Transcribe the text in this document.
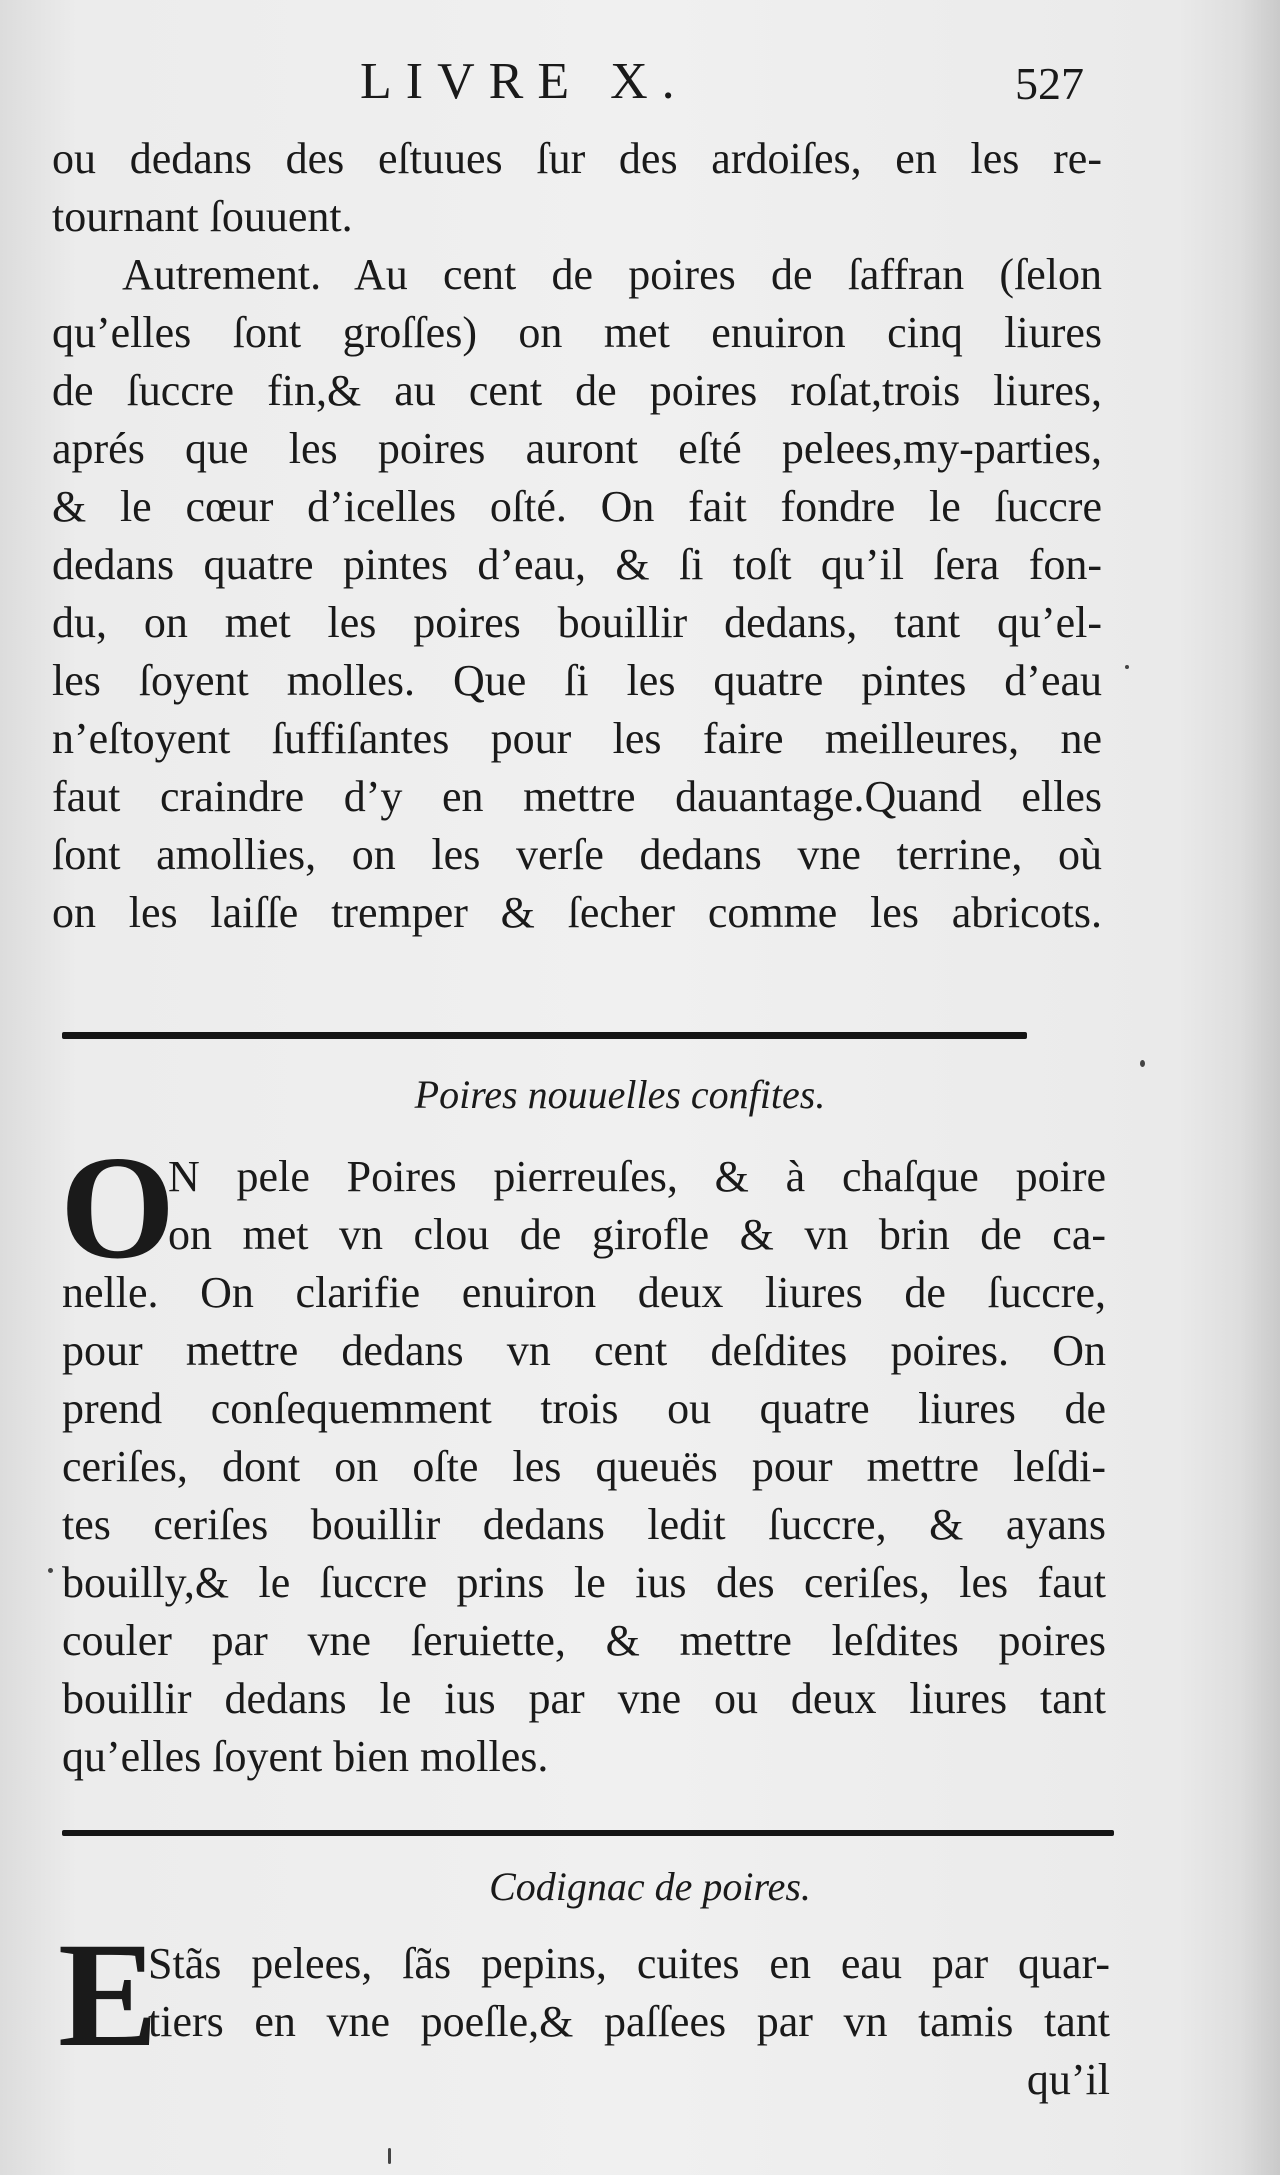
LIVRE X.	527
ou dedans des eſtuues ſur des ardoiſes, en les re-
tournant ſouuent.
Autrement. Au cent de poires de ſaffran (ſelon
qu’elles ſont groſſes) on met enuiron cinq liures
de ſuccre fin,& au cent de poires roſat,trois liures,
aprés que les poires auront eſté pelees,my-parties,
& le cœur d’icelles oſté. On fait fondre le ſuccre
dedans quatre pintes d’eau, & ſi toſt qu’il ſera fon-
du, on met les poires bouillir dedans, tant qu’el-
les ſoyent molles. Que ſi les quatre pintes d’eau
n’eſtoyent ſuffiſantes pour les faire meilleures, ne
faut craindre d’y en mettre dauantage.Quand elles
ſont amollies, on les verſe dedans vne terrine, où
on les laiſſe tremper & ſecher comme les abricots.
Poires nouuelles confites.
O
N pele Poires pierreuſes, & à chaſque poire
on met vn clou de girofle & vn brin de ca-
nelle. On clarifie enuiron deux liures de ſuccre,
pour mettre dedans vn cent deſdites poires. On
prend conſequemment trois ou quatre liures de
ceriſes, dont on oſte les queuës pour mettre leſdi-
tes ceriſes bouillir dedans ledit ſuccre, & ayans
bouilly,& le ſuccre prins le ius des ceriſes, les faut
couler par vne ſeruiette, & mettre leſdites poires
bouillir dedans le ius par vne ou deux liures tant
qu’elles ſoyent bien molles.
Codignac de poires.
E
Stãs pelees, ſãs pepins, cuites en eau par quar-
tiers en vne poeſle,& paſſees par vn tamis tant
qu’il
